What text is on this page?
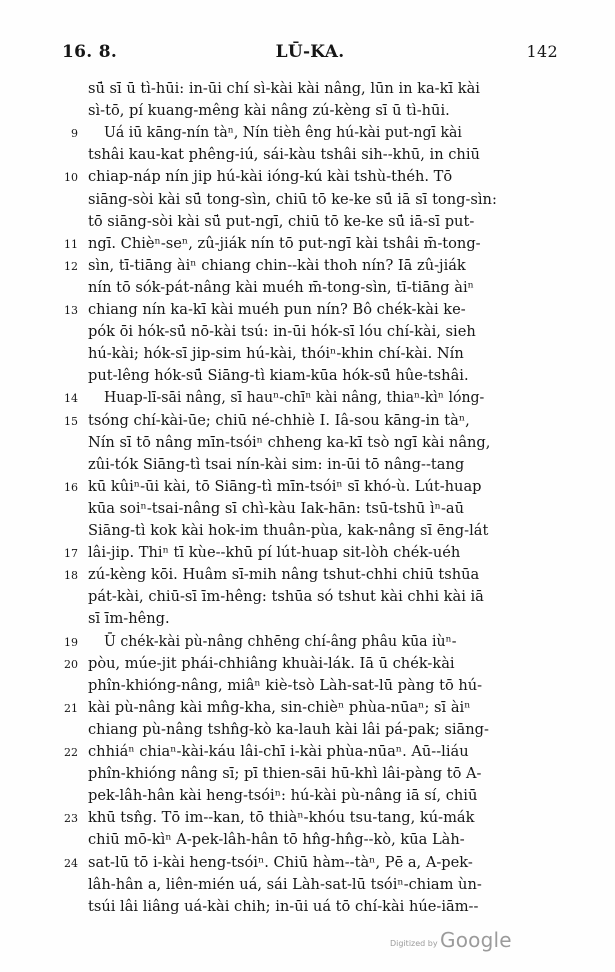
16. 8.	LŪ-KA.	142
sū̍ sī ū tì-hūi: in-ūi chí sì-kài kài nâng, lūn in ka-kī kài
sì-tō, pí kuang-mêng kài nâng zú-kèng sī ū tì-hūi.
9 Uá iū kāng-nín tàⁿ, Nín tièh êng hú-kài put-ngī kài
tshâi kau-kat phêng-iú, sái-kàu tshâi sih--khū, in chiū
10 chiap-náp nín jip hú-kài ióng-kú kài tshù-théh. Tō
siāng-sòi kài sū̍ tong-sìn, chiū tō ke-ke sū̍ iā sī tong-sìn:
tō siāng-sòi kài sū̍ put-ngī, chiū tō ke-ke sū̍ iā-sī put-
11 ngī. Chièⁿ-seⁿ, zû-jiák nín tō put-ngī kài tshâi m̄-tong-
12 sìn, tī-tiāng àiⁿ chiang chin--kài thoh nín? Iā zû-jiák
nín tō sók-pát-nâng kài muéh m̄-tong-sìn, tī-tiāng àiⁿ
13 chiang nín ka-kī kài muéh pun nín? Bô chék-kài ke-
pók ōi hók-sū̍ nō-kài tsú: in-ūi hók-sī lóu chí-kài, sieh
hú-kài; hók-sī jip-sim hú-kài, thóiⁿ-khin chí-kài. Nín
put-lêng hók-sū̍ Siāng-tì kiam-kūa hók-sū̍ hûe-tshâi.
14 Huap-lī-sāi nâng, sī hauⁿ-chīⁿ kài nâng, thiaⁿ-kìⁿ lóng-
15 tsóng chí-kài-ūe; chiū né-chhiè I. Iâ-sou kāng-in tàⁿ,
Nín sī tō nâng mīn-tsóiⁿ chheng ka-kī tsò ngī kài nâng,
zûi-tók Siāng-tì tsai nín-kài sim: in-ūi tō nâng--tang
16 kū kûiⁿ-ūi kài, tō Siāng-tì mīn-tsóiⁿ sī khó-ù. Lút-huap
kūa soiⁿ-tsai-nâng sī chì-kàu Iak-hān: tsū-tshū ìⁿ-aū
Siāng-tì kok kài hok-im thuân-pùa, kak-nâng sī ēng-lát
17 lâi-jip. Thiⁿ tī kùe--khū pí lút-huap sit-lòh chék-uéh
18 zú-kèng kōi. Huâm sī-mih nâng tshut-chhi chiū tshūa
pát-kài, chiū-sī īm-hêng: tshūa só tshut kài chhi kài iā
sī īm-hêng.
19 Ū chék-kài pù-nâng chhēng chí-âng phâu kūa iùⁿ-
20 pòu, múe-jit phái-chhiâng khuài-lák. Iā ū chék-kài
phîn-khióng-nâng, miâⁿ kiè-tsò Làh-sat-lū pàng tō hú-
21 kài pù-nâng kài mn̂g-kha, sin-chièⁿ phùa-nūaⁿ; sī àiⁿ
chiang pù-nâng tshn̂g-kò ka-lauh kài lâi pá-pak; siāng-
22 chhiáⁿ chiaⁿ-kài-káu lâi-chī i-kài phùa-nūaⁿ. Aū--liáu
phîn-khióng nâng sī; pī thien-sāi hū-khì lâi-pàng tō A-
pek-lâh-hân kài heng-tsóiⁿ: hú-kài pù-nâng iā sí, chiū
23 khū tsn̂g. Tō im--kan, tō thiàⁿ-khóu tsu-tang, kú-mák
chiū mō-kìⁿ A-pek-lâh-hân tō hn̂g-hn̂g--kò, kūa Làh-
24 sat-lū tō i-kài heng-tsóiⁿ. Chiū hàm--tàⁿ, Pē a, A-pek-
lâh-hân a, liên-mién uá, sái Làh-sat-lū tsóiⁿ-chiam ùn-
tsúi lâi liâng uá-kài chih; in-ūi uá tō chí-kài húe-iām--
Digitized by Google
